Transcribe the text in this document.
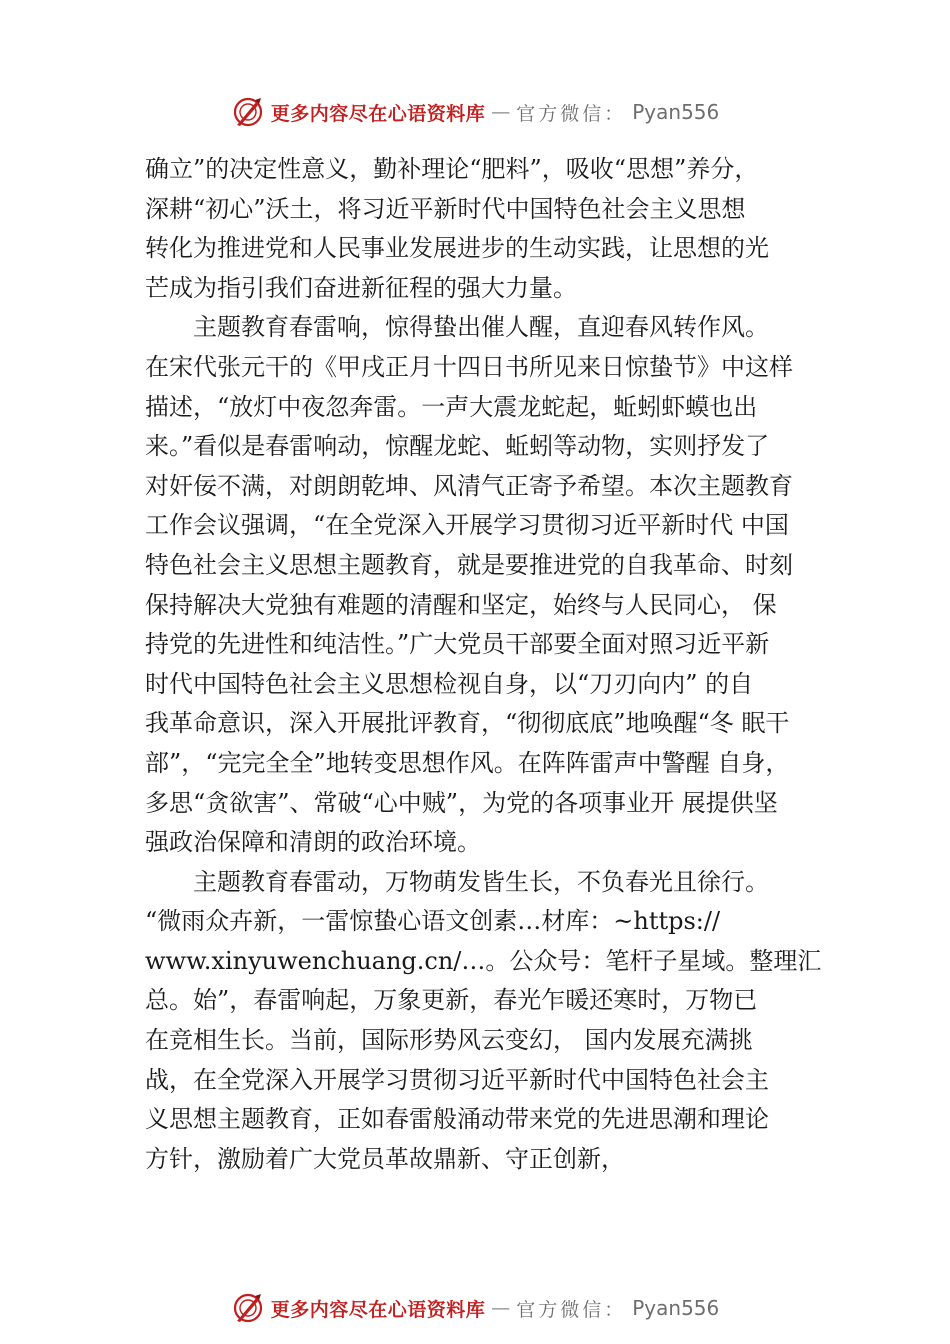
更多内容尽在心语资料库 — 官方微信： Pyan556
确立”的决定性意义，勤补理论“肥料”，吸收“思想”养分，
深耕“初心”沃土，将习近平新时代中国特色社会主义思想
转化为推进党和人民事业发展进步的生动实践，让思想的光
芒成为指引我们奋进新征程的强大力量。
主题教育春雷响，惊得蛰出催人醒，直迎春风转作风。
在宋代张元干的《甲戌正月十四日书所见来日惊蛰节》中这样
描述，“放灯中夜忽奔雷。一声大震龙蛇起，蚯蚓虾蟆也出
来。”看似是春雷响动，惊醒龙蛇、蚯蚓等动物，实则抒发了
对奸佞不满，对朗朗乾坤、风清气正寄予希望。本次主题教育
工作会议强调，“在全党深入开展学习贯彻习近平新时代 中国
特色社会主义思想主题教育，就是要推进党的自我革命、时刻
保持解决大党独有难题的清醒和坚定，始终与人民同心， 保
持党的先进性和纯洁性。”广大党员干部要全面对照习近平新
时代中国特色社会主义思想检视自身，以“刀刃向内” 的自
我革命意识，深入开展批评教育，“彻彻底底”地唤醒“冬 眠干
部”，“完完全全”地转变思想作风。在阵阵雷声中警醒 自身，
多思“贪欲害”、常破“心中贼”，为党的各项事业开 展提供坚
强政治保障和清朗的政治环境。
主题教育春雷动，万物萌发皆生长，不负春光且徐行。
“微雨众卉新，一雷惊蛰心语文创素…材库：~https://
www.xinyuwenchuang.cn/…。公众号：笔杆子星域。整理汇
总。始”，春雷响起，万象更新，春光乍暖还寒时，万物已
在竞相生长。当前，国际形势风云变幻， 国内发展充满挑
战，在全党深入开展学习贯彻习近平新时代中国特色社会主
义思想主题教育，正如春雷般涌动带来党的先进思潮和理论
方针，激励着广大党员革故鼎新、守正创新，
更多内容尽在心语资料库 — 官方微信： Pyan556
